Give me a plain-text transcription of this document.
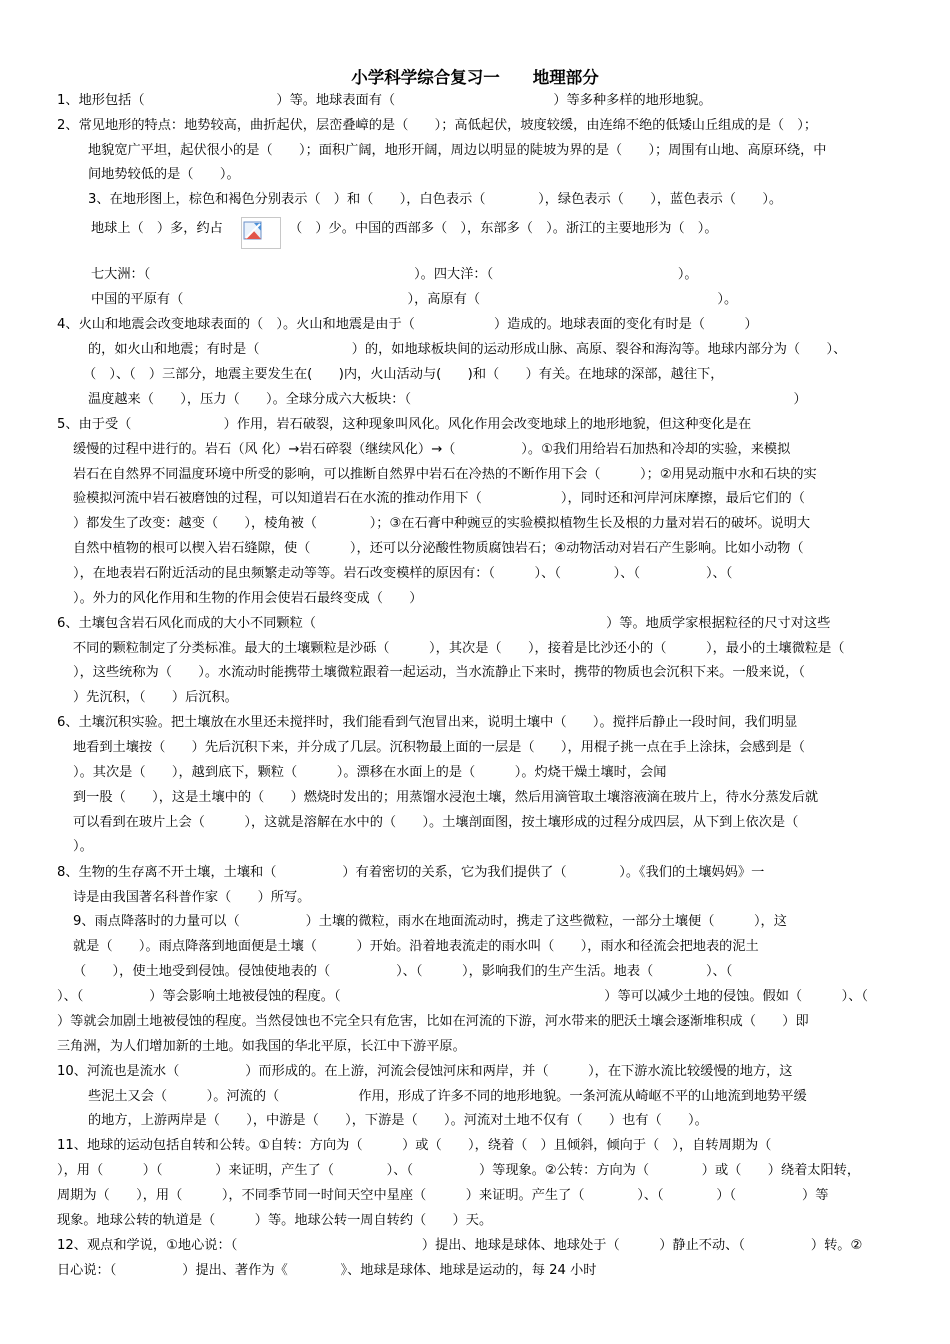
小学科学综合复习一　　地理部分
1、地形包括（　　　　　　　　　　）等。地球表面有（　　　　　　　　　　　　）等多种多样的地形地貌。
2、常见地形的特点：地势较高，曲折起伏，层峦叠嶂的是（　　）；高低起伏，坡度较缓，由连绵不绝的低矮山丘组成的是（　）；
地貌宽广平坦，起伏很小的是（　　）；面积广阔，地形开阔，周边以明显的陡坡为界的是（　　）；周围有山地、高原环绕，中
间地势较低的是（　　）。
3、在地形图上，棕色和褐色分别表示（　）和（　　），白色表示（　　　　），绿色表示（　　），蓝色表示（　　）。
地球上（　）多，约占	（　）少。中国的西部多（　），东部多（　）。浙江的主要地形为（　）。
七大洲：（　　　　　　　　　　　　　　　　　　　　）。四大洋：（　　　　　　　　　　　　　　）。
中国的平原有（　　　　　　　　　　　　　　　　　），高原有（　　　　　　　　　　　　　　　　　　）。
4、火山和地震会改变地球表面的（　）。火山和地震是由于（　　　　　　）造成的。地球表面的变化有时是（　　　）
的，如火山和地震；有时是（　　　　　　　）的，如地球板块间的运动形成山脉、高原、裂谷和海沟等。地球内部分为（　　）、
（　）、（　）三部分，地震主要发生在(　　)内，火山活动与(　　)和（　　）有关。在地球的深部，越往下，
温度越来（　　），压力（　　）。全球分成六大板块：（　　　　　　　　　　　　　　　　　　　　　　　　　　　　　）
5、由于受（　　　　　　　）作用，岩石破裂，这种现象叫风化。风化作用会改变地球上的地形地貌，但这种变化是在
缓慢的过程中进行的。岩石（风 化）→岩石碎裂（继续风化）→（　　　　　）。①我们用给岩石加热和冷却的实验，来模拟
岩石在自然界不同温度环境中所受的影响，可以推断自然界中岩石在冷热的不断作用下会（　　　）；②用晃动瓶中水和石块的实
验模拟河流中岩石被磨蚀的过程，可以知道岩石在水流的推动作用下（　　　　　　），同时还和河岸河床摩擦，最后它们的（
）都发生了改变：越变（　　），棱角被（　　　　）；③在石膏中种豌豆的实验模拟植物生长及根的力量对岩石的破坏。说明大
自然中植物的根可以楔入岩石缝隙，使（　　　），还可以分泌酸性物质腐蚀岩石；④动物活动对岩石产生影响。比如小动物（
），在地表岩石附近活动的昆虫频繁走动等等。岩石改变模样的原因有：（　　　）、（　　　　）、（　　　　　）、（
）。外力的风化作用和生物的作用会使岩石最终变成（　　）
6、土壤包含岩石风化而成的大小不同颗粒（　　　　　　　　　　　　　　　　　　　　　　）等。地质学家根据粒径的尺寸对这些
不同的颗粒制定了分类标准。最大的土壤颗粒是沙砾（　　　），其次是（　　），接着是比沙还小的（　　　），最小的土壤微粒是（
），这些统称为（　　）。水流动时能携带土壤微粒跟着一起运动，当水流静止下来时，携带的物质也会沉积下来。一般来说，（
）先沉积，（　　）后沉积。
6、土壤沉积实验。把土壤放在水里还未搅拌时，我们能看到气泡冒出来，说明土壤中（　　）。搅拌后静止一段时间，我们明显
地看到土壤按（　　）先后沉积下来，并分成了几层。沉积物最上面的一层是（　　），用棍子挑一点在手上涂抹，会感到是（
）。其次是（　　），越到底下，颗粒（　　　）。漂移在水面上的是（　　　）。灼烧干燥土壤时，会闻
到一股（　　），这是土壤中的（　　）燃烧时发出的；用蒸馏水浸泡土壤，然后用滴管取土壤溶液滴在玻片上，待水分蒸发后就
可以看到在玻片上会（　　　），这就是溶解在水中的（　　）。土壤剖面图，按土壤形成的过程分成四层，从下到上依次是（
）。
8、生物的生存离不开土壤，土壤和（　　　　　）有着密切的关系，它为我们提供了（　　　　）。《我们的土壤妈妈》一
诗是由我国著名科普作家（　　）所写。
9、雨点降落时的力量可以（　　　　　）土壤的微粒，雨水在地面流动时，携走了这些微粒，一部分土壤便（　　　），这
就是（　　）。雨点降落到地面便是土壤（　　　）开始。沿着地表流走的雨水叫（　　），雨水和径流会把地表的泥土
（　　），使土地受到侵蚀。侵蚀使地表的（　　　　　）、（　　　），影响我们的生产生活。地表（　　　　）、（
）、（　　　　　）等会影响土地被侵蚀的程度。（　　　　　　　　　　　　　　　　　　　　）等可以减少土地的侵蚀。假如（　　　）、（
）等就会加剧土地被侵蚀的程度。当然侵蚀也不完全只有危害，比如在河流的下游，河水带来的肥沃土壤会逐渐堆积成（　　）即
三角洲，为人们增加新的土地。如我国的华北平原，长江中下游平原。
10、河流也是流水（　　　　　）而形成的。在上游，河流会侵蚀河床和两岸，并（　　　），在下游水流比较缓慢的地方，这
些泥土又会（　　　）。河流的（　　　　　　作用，形成了许多不同的地形地貌。一条河流从崎岖不平的山地流到地势平缓
的地方，上游两岸是（　　），中游是（　　），下游是（　　）。河流对土地不仅有（　　）也有（　　）。
11、地球的运动包括自转和公转。①自转：方向为（　　　）或（　　），绕着（　）且倾斜，倾向于（　），自转周期为（
），用（　　　）（　　　　）来证明，产生了（　　　　）、（　　　　　）等现象。②公转：方向为（　　　　）或（　　）绕着太阳转，
周期为（　　），用（　　　），不同季节同一时间天空中星座（　　　）来证明。产生了（　　　　）、（　　　　）（　　　　　）等
现象。地球公转的轨道是（　　　）等。地球公转一周自转约（　　）天。
12、观点和学说，①地心说：（　　　　　　　　　　　　　　）提出、地球是球体、地球处于（　　　）静止不动、（　　　　　）转。②
日心说：（　　　　　）提出、著作为《　　　　》、地球是球体、地球是运动的，每 24 小时
